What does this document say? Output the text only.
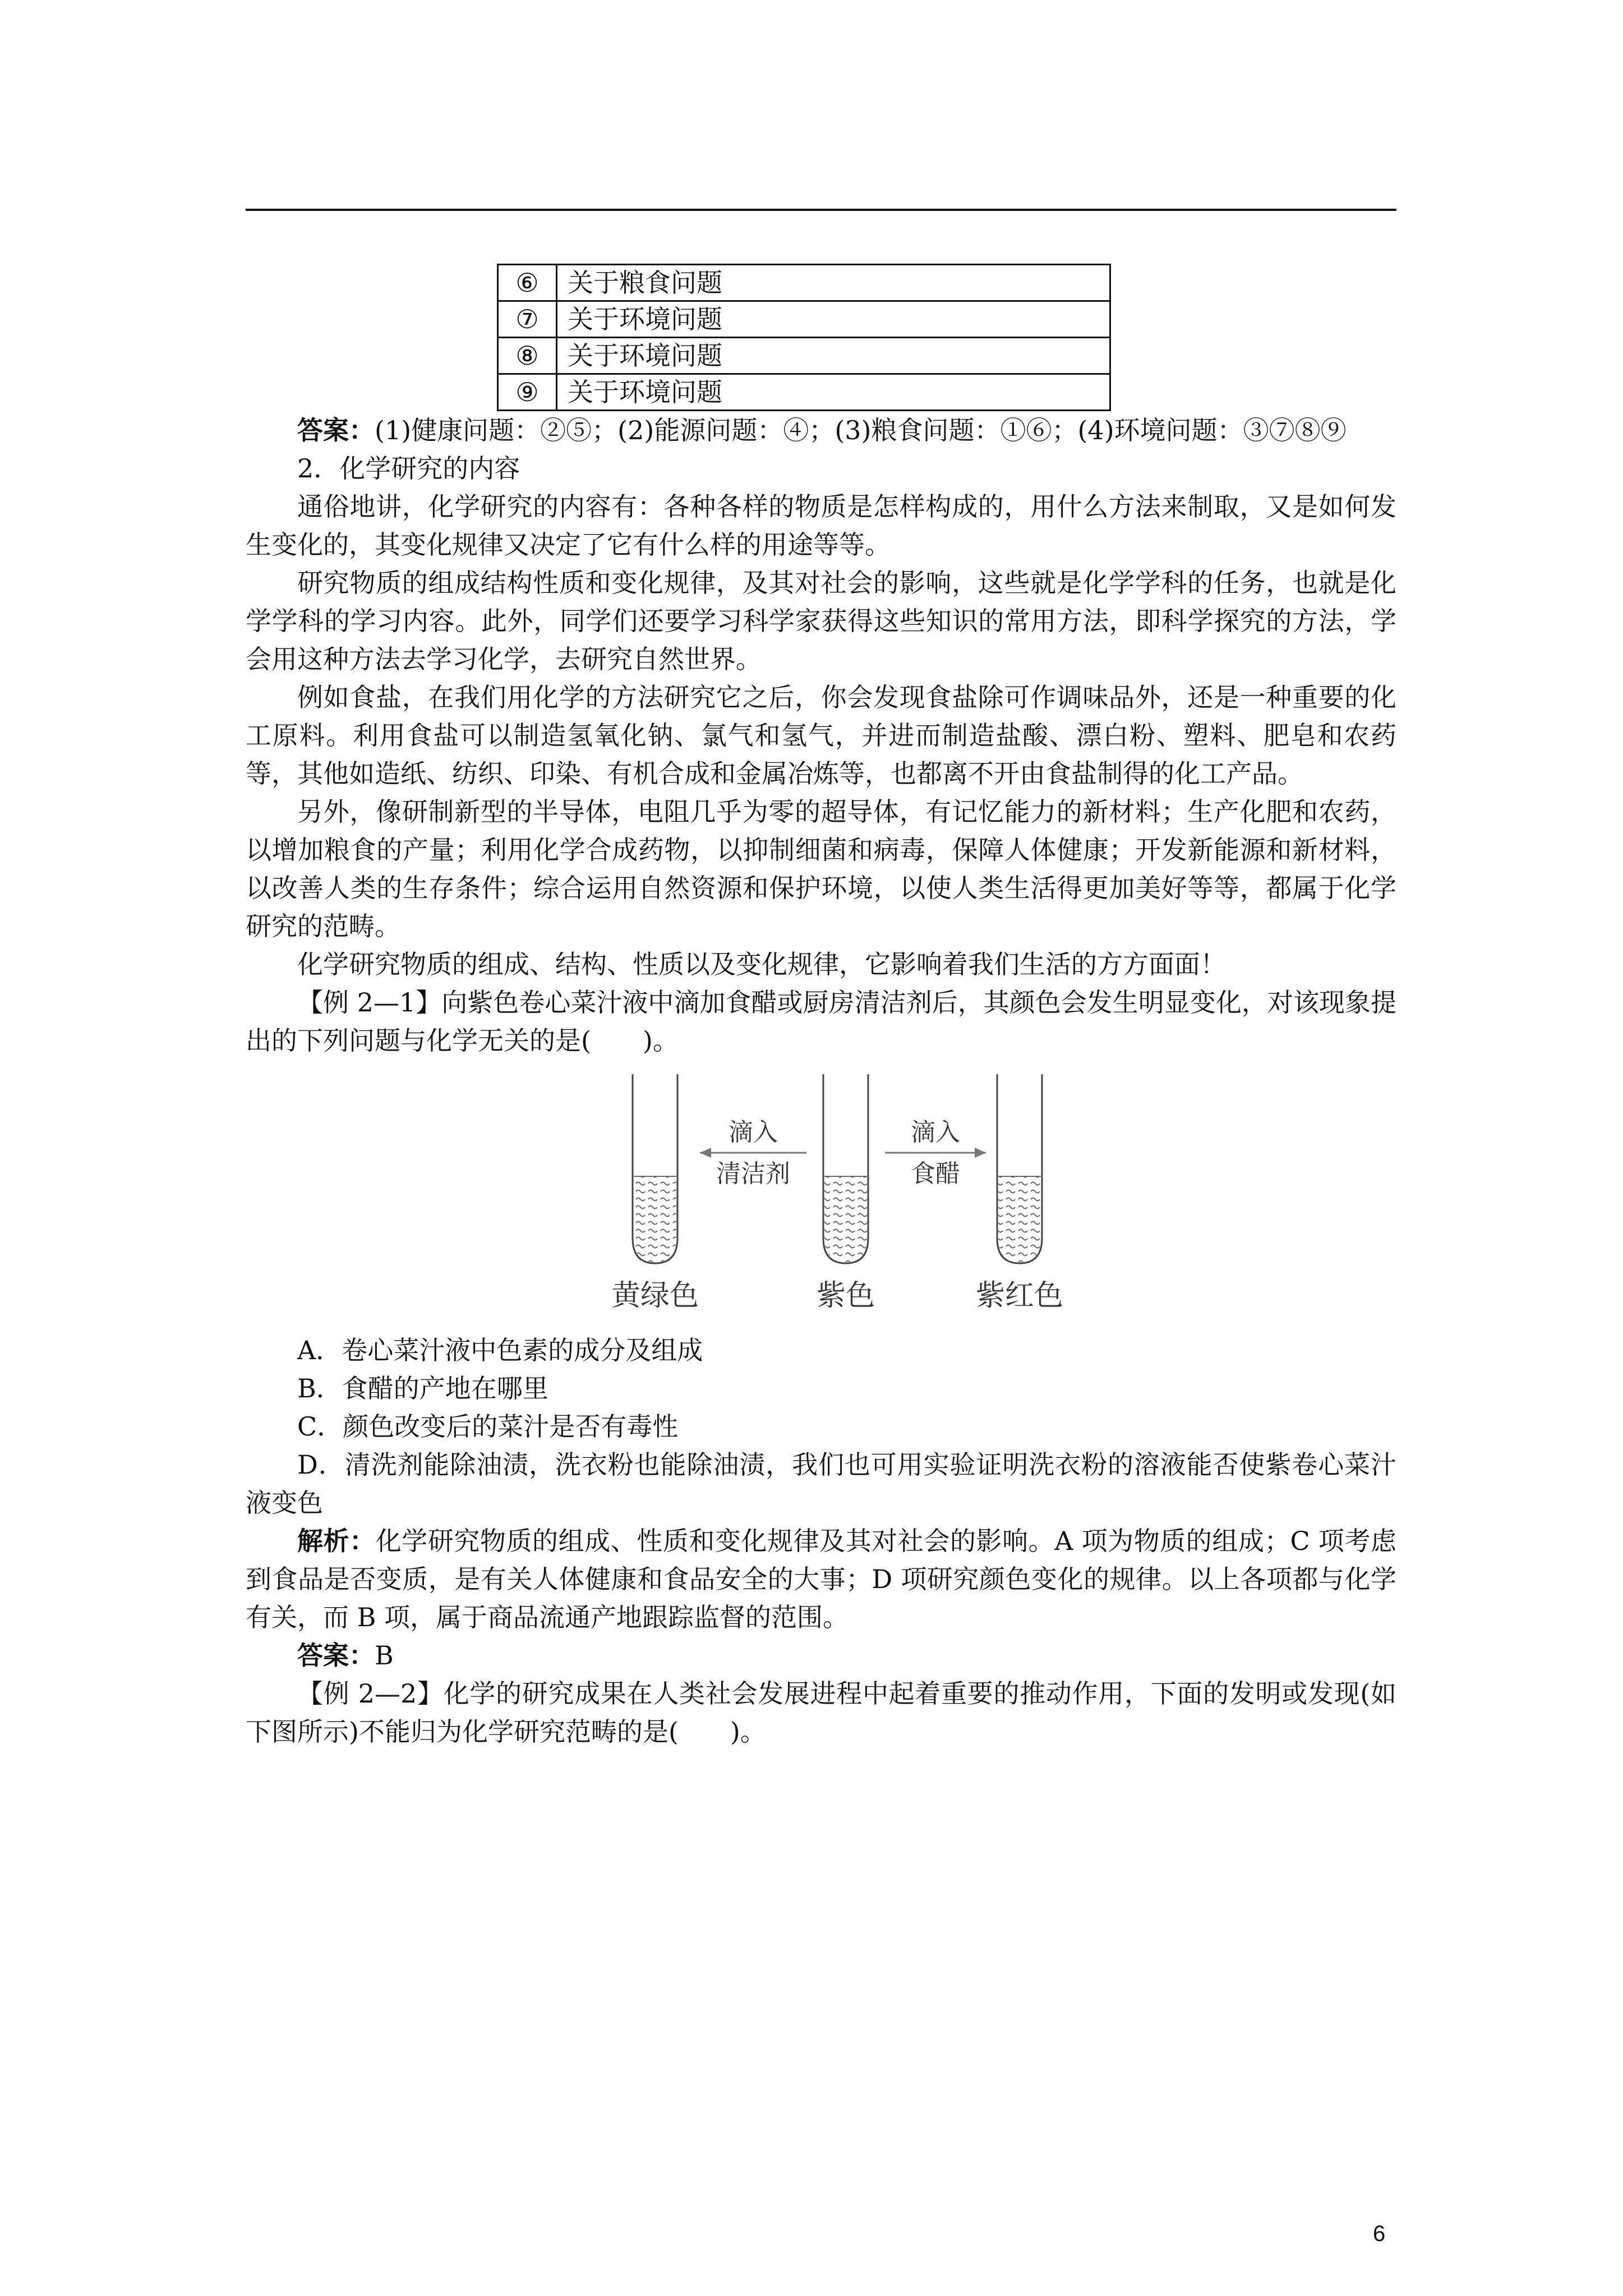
⑥	关于粮食问题
⑦	关于环境问题
⑧	关于环境问题
⑨	关于环境问题

答案：(1)健康问题：②⑤；(2)能源问题：④；(3)粮食问题：①⑥；(4)环境问题：③⑦⑧⑨

2．化学研究的内容

通俗地讲，化学研究的内容有：各种各样的物质是怎样构成的，用什么方法来制取，又是如何发生变化的，其变化规律又决定了它有什么样的用途等等。

研究物质的组成结构性质和变化规律，及其对社会的影响，这些就是化学学科的任务，也就是化学学科的学习内容。此外，同学们还要学习科学家获得这些知识的常用方法，即科学探究的方法，学会用这种方法去学习化学，去研究自然世界。

例如食盐，在我们用化学的方法研究它之后，你会发现食盐除可作调味品外，还是一种重要的化工原料。利用食盐可以制造氢氧化钠、氯气和氢气，并进而制造盐酸、漂白粉、塑料、肥皂和农药等，其他如造纸、纺织、印染、有机合成和金属冶炼等，也都离不开由食盐制得的化工产品。

另外，像研制新型的半导体，电阻几乎为零的超导体，有记忆能力的新材料；生产化肥和农药，以增加粮食的产量；利用化学合成药物，以抑制细菌和病毒，保障人体健康；开发新能源和新材料，以改善人类的生存条件；综合运用自然资源和保护环境，以使人类生活得更加美好等等，都属于化学研究的范畴。

化学研究物质的组成、结构、性质以及变化规律，它影响着我们生活的方方面面！

【例 2—1】向紫色卷心菜汁液中滴加食醋或厨房清洁剂后，其颜色会发生明显变化，对该现象提出的下列问题与化学无关的是(　　)。

滴入
清洁剂
滴入
食醋
黄绿色	紫色	紫红色

A．卷心菜汁液中色素的成分及组成

B．食醋的产地在哪里

C．颜色改变后的菜汁是否有毒性

D．清洗剂能除油渍，洗衣粉也能除油渍，我们也可用实验证明洗衣粉的溶液能否使紫卷心菜汁液变色

解析：化学研究物质的组成、性质和变化规律及其对社会的影响。A 项为物质的组成；C 项考虑到食品是否变质，是有关人体健康和食品安全的大事；D 项研究颜色变化的规律。以上各项都与化学有关，而 B 项，属于商品流通产地跟踪监督的范围。

答案：B

【例 2—2】化学的研究成果在人类社会发展进程中起着重要的推动作用，下面的发明或发现(如下图所示)不能归为化学研究范畴的是(　　)。

6
